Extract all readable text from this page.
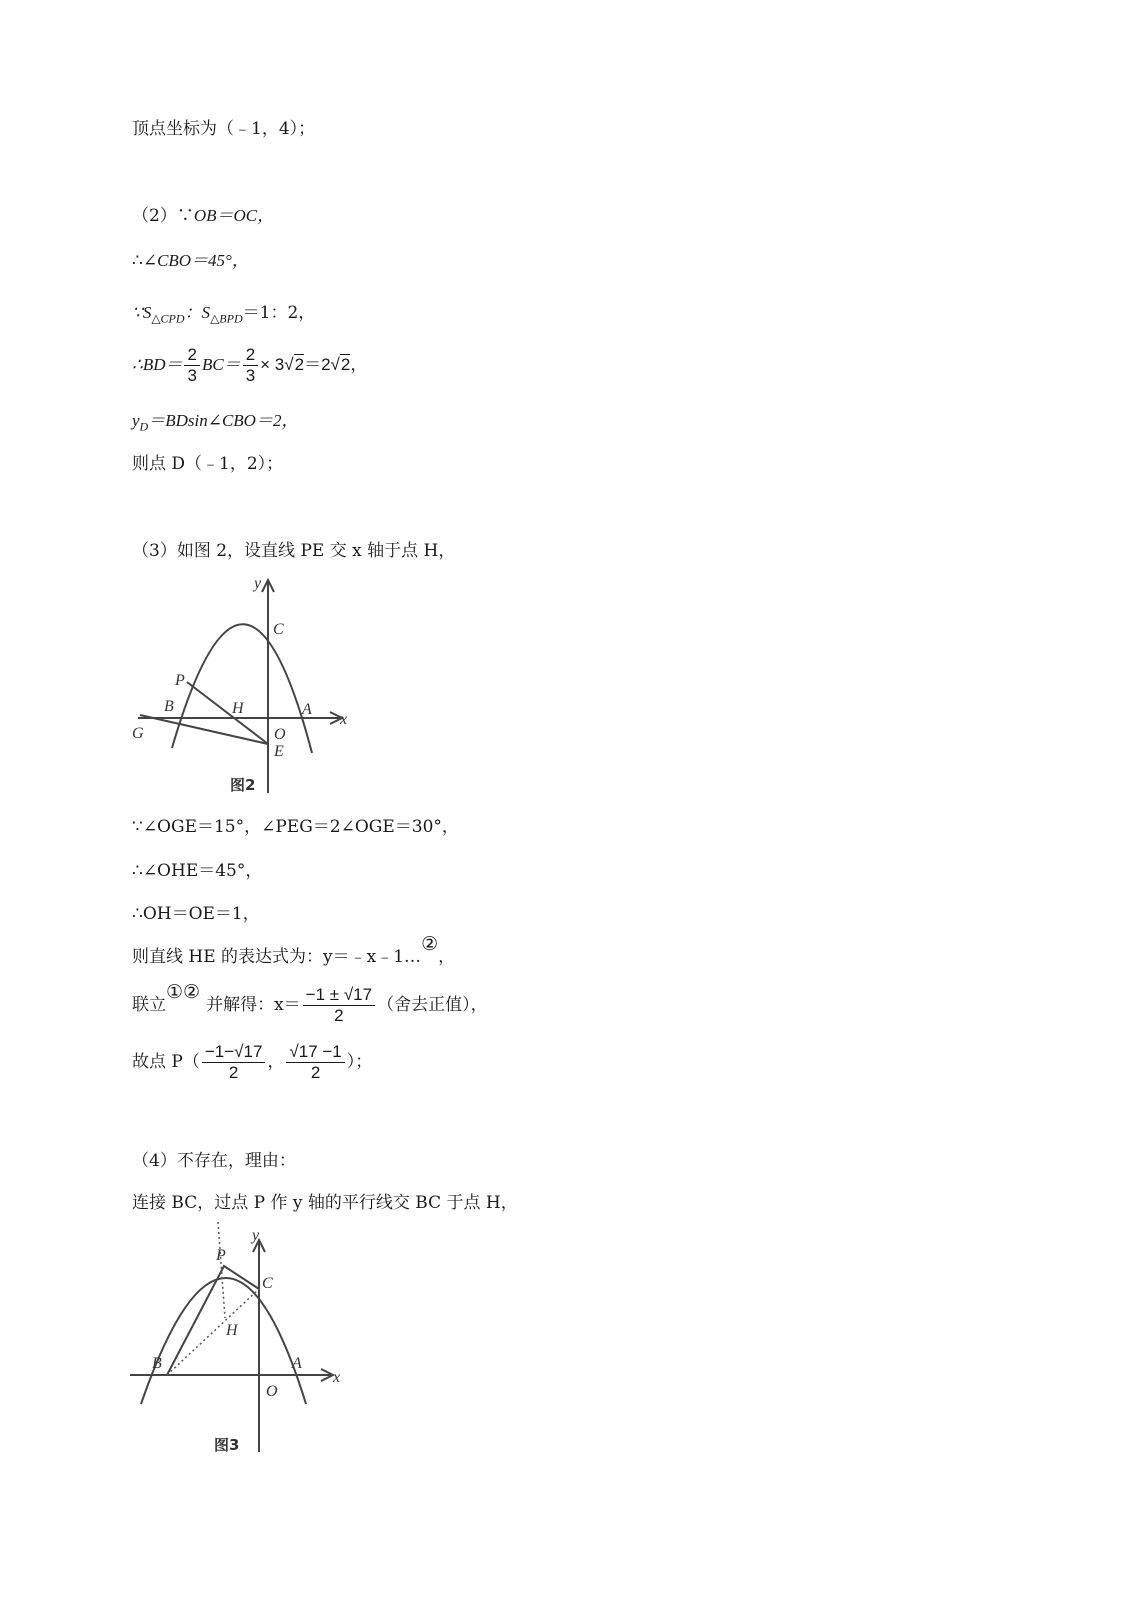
顶点坐标为（﹣1，4）；
（2）∵OB＝OC，
∴∠CBO＝45°，
$\because S_{\triangle CPD}$：$S_{\triangle BPD}=1$：2，
∴BD＝ $\frac{2}{3} BC= \frac{2}{3} \times 3√2=2√2$，
$y_D=BDsin\angle CBO=2$，
则点 D（﹣1，2）；
（3）如图 2，设直线 PE 交 x 轴于点 H，
y
x
C
P
B	H	A
G	O
E
图2
∵∠OGE＝15°，∠PEG＝2∠OGE＝30°，
∴∠OHE＝45°，
∴OH＝OE＝1，
则直线 HE 的表达式为：y＝﹣x﹣1…②，
联立①②并解得：$x= \frac{-1 \pm √17}{2}$ （舍去正值），
故点 $P( \frac{-1-√17}{2}$ ， $\frac{√17 -1}{2}$ ）；
（4）不存在，理由：
连接 BC，过点 P 作 y 轴的平行线交 BC 于点 H，
y
x
P
C
H
B	A
O
图3
